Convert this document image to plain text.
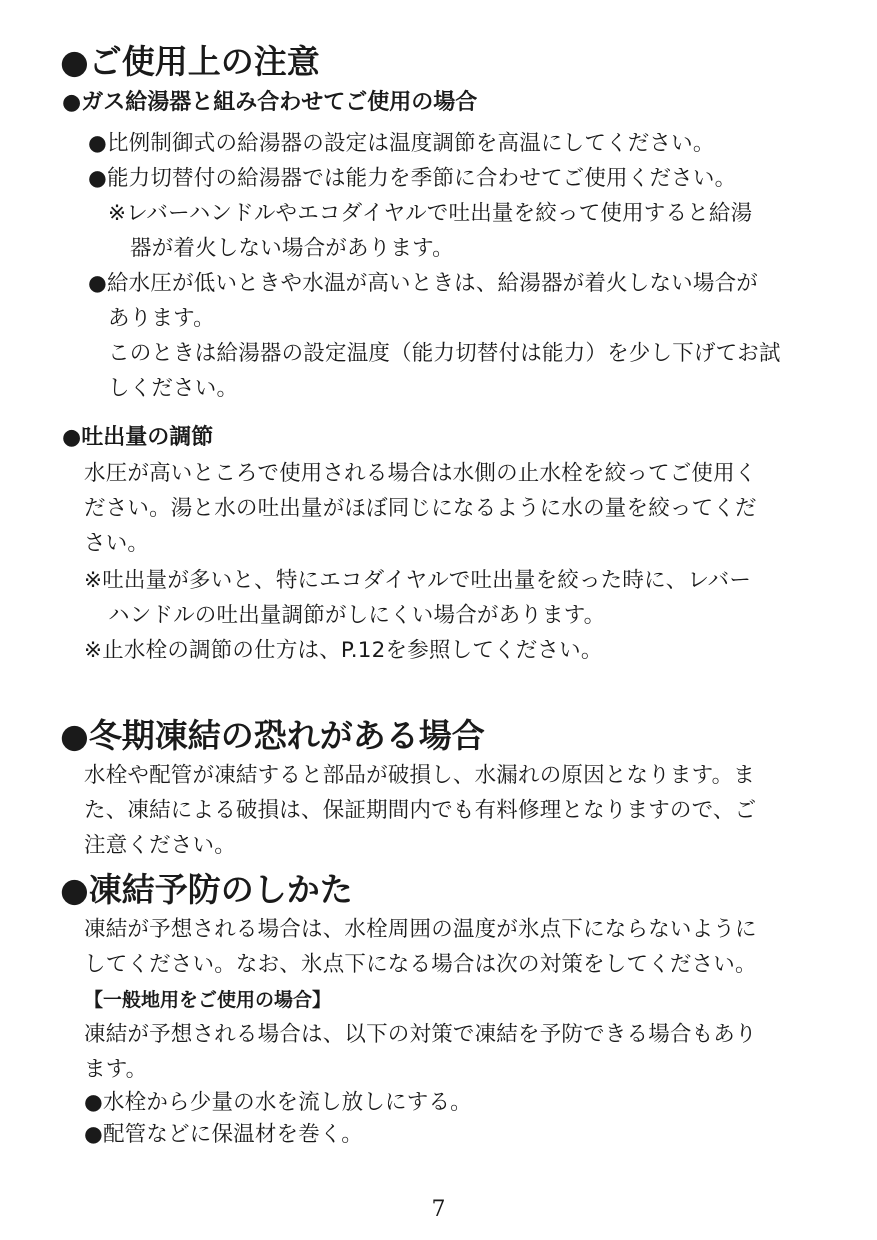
●ご使用上の注意
●ガス給湯器と組み合わせてご使用の場合

●比例制御式の給湯器の設定は温度調節を高温にしてください。

●能力切替付の給湯器では能力を季節に合わせてご使用ください。

※レバーハンドルやエコダイヤルで吐出量を絞って使用すると給湯

器が着火しない場合があります。

●給水圧が低いときや水温が高いときは、給湯器が着火しない場合が

あります。

このときは給湯器の設定温度（能力切替付は能力）を少し下げてお試

しください。

●吐出量の調節

水圧が高いところで使用される場合は水側の止水栓を絞ってご使用く

ださい。湯と水の吐出量がほぼ同じになるように水の量を絞ってくだ

さい。

※吐出量が多いと、特にエコダイヤルで吐出量を絞った時に、レバー

ハンドルの吐出量調節がしにくい場合があります。

※止水栓の調節の仕方は、P.12を参照してください。

●冬期凍結の恐れがある場合

水栓や配管が凍結すると部品が破損し、水漏れの原因となります。ま

た、凍結による破損は、保証期間内でも有料修理となりますので、ご

注意ください。

●凍結予防のしかた

凍結が予想される場合は、水栓周囲の温度が氷点下にならないように

してください。なお、氷点下になる場合は次の対策をしてください。

【一般地用をご使用の場合】

凍結が予想される場合は、以下の対策で凍結を予防できる場合もあり

ます。

●水栓から少量の水を流し放しにする。

●配管などに保温材を巻く。

7
